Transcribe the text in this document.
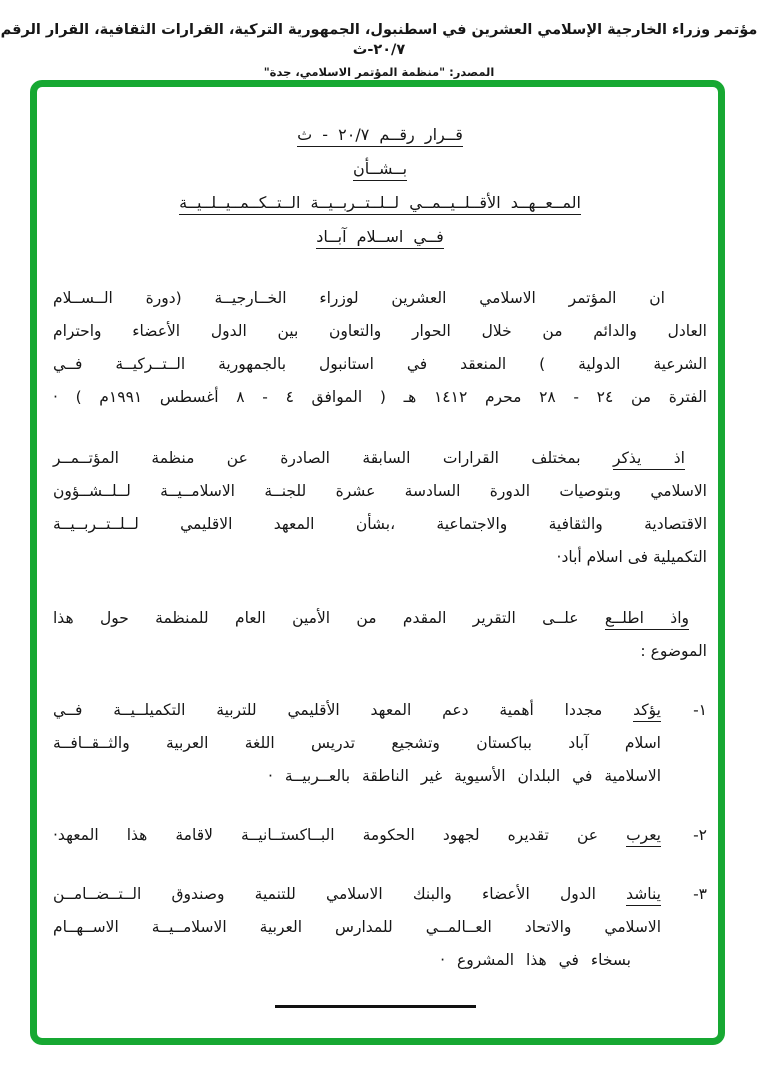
مؤتمر وزراء الخارجية الإسلامي العشرين في اسطنبول، الجمهورية التركية، القرارات الثقافية، القرار الرقم ٢٠/٧-ث
المصدر: "منظمة المؤتمر الاسلامي، جدة"
قــرار رقــم ٢٠/٧ - ث
بــشــأن
المــعــهــد الأقــلــيــمــي لــلــتــربــيــة الــتــكــمــيــلــيــة
فــي اســلام آبــاد
ان المؤتمر الاسلامي العشرين لوزراء الخــارجيــة (دورة الــســلام
العادل والدائم من خلال الحوار والتعاون بين الدول الأعضاء واحترام
الشرعية الدولية ) المنعقد في استانبول بالجمهورية الــتــركيــة فــي
الفترة من ٢٤ - ٢٨ محرم ١٤١٢ هـ ( الموافق ٤ - ٨ أغسطس ١٩٩١م ) ·
اذ يذكر بمختلف القرارات السابقة الصادرة عن منظمة المؤتــمــر
الاسلامي وبتوصيات الدورة السادسة عشرة للجنــة الاسلامــيــة لــلــشــؤون
الاقتصادية والثقافية والاجتماعية ،بشأن المعهد الاقليمي لــلــتــربــيــة
التكميلية فى اسلام أباد·
واذ اطلــع علــى التقرير المقدم من الأمين العام للمنظمة حول هذا
الموضوع :
١-
يؤكد مجددا أهمية دعم المعهد الأقليمي للتربية التكميلــيــة فــي
اسلام آباد بباكستان وتشجيع تدريس اللغة العربية والثــقــافــة
الاسلامية في البلدان الأسيوية غير الناطقة بالعــربيــة ·
٢-
يعرب عن تقديره لجهود الحكومة البــاكستــانيــة لاقامة هذا المعهد·
٣-
يناشد الدول الأعضاء والبنك الاسلامي للتنمية وصندوق الــتــضــامــن
الاسلامي والاتحاد العــالمــي للمدارس العربية الاسلامــيــة الاســهــام
بسخاء في هذا المشروع ·
